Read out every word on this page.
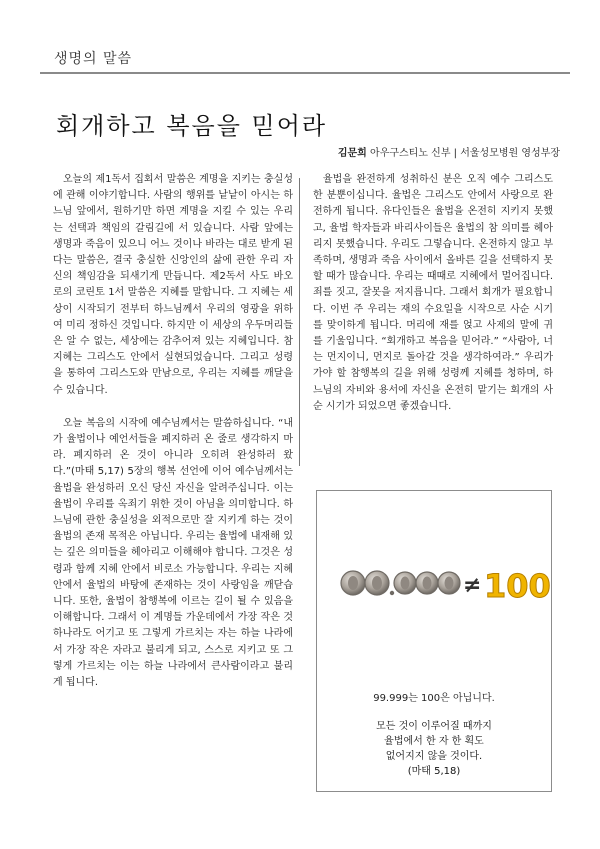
생명의 말씀
회개하고 복음을 믿어라
김문희 아우구스티노 신부 | 서울성모병원 영성부장

오늘의 제1독서 집회서 말씀은 계명을 지키는 충실성에 관해 이야기합니다. 사람의 행위를 낱낱이 아시는 하느님 앞에서, 원하기만 하면 계명을 지킬 수 있는 우리는 선택과 책임의 갈림길에 서 있습니다. 사람 앞에는 생명과 죽음이 있으니 어느 것이나 바라는 대로 받게 된다는 말씀은, 결국 충실한 신앙인의 삶에 관한 우리 자신의 책임감을 되새기게 만듭니다. 제2독서 사도 바오로의 코린토 1서 말씀은 지혜를 말합니다. 그 지혜는 세상이 시작되기 전부터 하느님께서 우리의 영광을 위하여 미리 정하신 것입니다. 하지만 이 세상의 우두머리들은 알 수 없는, 세상에는 감추어져 있는 지혜입니다. 참 지혜는 그리스도 안에서 실현되었습니다. 그리고 성령을 통하여 그리스도와 만남으로, 우리는 지혜를 깨달을 수 있습니다.

오늘 복음의 시작에 예수님께서는 말씀하십니다. “내가 율법이나 예언서들을 폐지하러 온 줄로 생각하지 마라. 폐지하러 온 것이 아니라 오히려 완성하러 왔다.”(마태 5,17) 5장의 행복 선언에 이어 예수님께서는 율법을 완성하러 오신 당신 자신을 알려주십니다. 이는 율법이 우리를 옥죄기 위한 것이 아님을 의미합니다. 하느님에 관한 충실성을 외적으로만 잘 지키게 하는 것이 율법의 존재 목적은 아닙니다. 우리는 율법에 내재해 있는 깊은 의미들을 헤아리고 이해해야 합니다. 그것은 성령과 함께 지혜 안에서 비로소 가능합니다. 우리는 지혜 안에서 율법의 바탕에 존재하는 것이 사랑임을 깨닫습니다. 또한, 율법이 참행복에 이르는 길이 될 수 있음을 이해합니다. 그래서 이 계명들 가운데에서 가장 작은 것 하나라도 어기고 또 그렇게 가르치는 자는 하늘 나라에서 가장 작은 자라고 불리게 되고, 스스로 지키고 또 그렇게 가르치는 이는 하늘 나라에서 큰사람이라고 불리게 됩니다.

율법을 완전하게 성취하신 분은 오직 예수 그리스도 한 분뿐이십니다. 율법은 그리스도 안에서 사랑으로 완전하게 됩니다. 유다인들은 율법을 온전히 지키지 못했고, 율법 학자들과 바리사이들은 율법의 참 의미를 헤아리지 못했습니다. 우리도 그렇습니다. 온전하지 않고 부족하며, 생명과 죽음 사이에서 올바른 길을 선택하지 못할 때가 많습니다. 우리는 때때로 지혜에서 멀어집니다. 죄를 짓고, 잘못을 저지릅니다. 그래서 회개가 필요합니다. 이번 주 우리는 재의 수요일을 시작으로 사순 시기를 맞이하게 됩니다. 머리에 재를 얹고 사제의 말에 귀를 기울입니다. “회개하고 복음을 믿어라.” “사람아, 너는 먼지이니, 먼지로 돌아갈 것을 생각하여라.” 우리가 가야 할 참행복의 길을 위해 성령께 지혜를 청하며, 하느님의 자비와 용서에 자신을 온전히 맡기는 회개의 사순 시기가 되었으면 좋겠습니다.

≠ 100
99.999는 100은 아닙니다.
모든 것이 이루어질 때까지
율법에서 한 자 한 획도
없어지지 않을 것이다.
(마태 5,18)
